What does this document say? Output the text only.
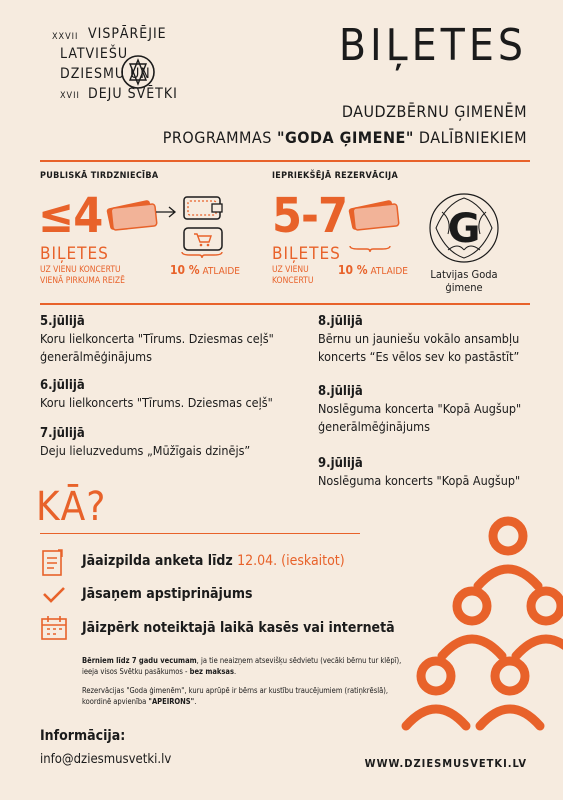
XXVII VISPĀRĒJIE
LATVIEŠU
DZIESMU UN
XVII DEJU SVĒTKI
BIĻETES
DAUDZBĒRNU ĢIMENĒM
PROGRAMMAS "GODA ĢIMENE" DALĪBNIEKIEM
PUBLISKĀ TIRDZNIECĪBA
≤4
BIĻETES
UZ VIENU KONCERTU
VIENĀ PIRKUMA REIZĒ
10 % ATLAIDE
IEPRIEKŠĒJĀ REZERVĀCIJA
5-7
BIĻETES
UZ VIENU
KONCERTU
10 % ATLAIDE
G
Latvijas Goda
ģimene
5.jūlijā
Koru lielkoncerta "Tīrums. Dziesmas ceļš"
ģenerālmēģinājums
6.jūlijā
Koru lielkoncerts "Tīrums. Dziesmas ceļš"
7.jūlijā
Deju lieluzvedums „Mūžīgais dzinējs”
8.jūlijā
Bērnu un jauniešu vokālo ansambļu
koncerts “Es vēlos sev ko pastāstīt”
8.jūlijā
Noslēguma koncerta "Kopā Augšup"
ģenerālmēģinājums
9.jūlijā
Noslēguma koncerts "Kopā Augšup"
KĀ?
Jāaizpilda anketa līdz 12.04. (ieskaitot)
Jāsaņem apstiprinājums
Jāizpērk noteiktajā laikā kasēs vai internetā
Bērniem līdz 7 gadu vecumam, ja tie neaizņem atsevišķu sēdvietu (vecāki bērnu tur klēpī),
ieeja visos Svētku pasākumos - bez maksas.
Rezervācijas "Goda ģimenēm", kuru aprūpē ir bērns ar kustību traucējumiem (ratiņkrēslā),
koordinē apvienība "APEIRONS".
Informācija:
info@dziesmusvetki.lv	WWW.DZIESMUSVETKI.LV
